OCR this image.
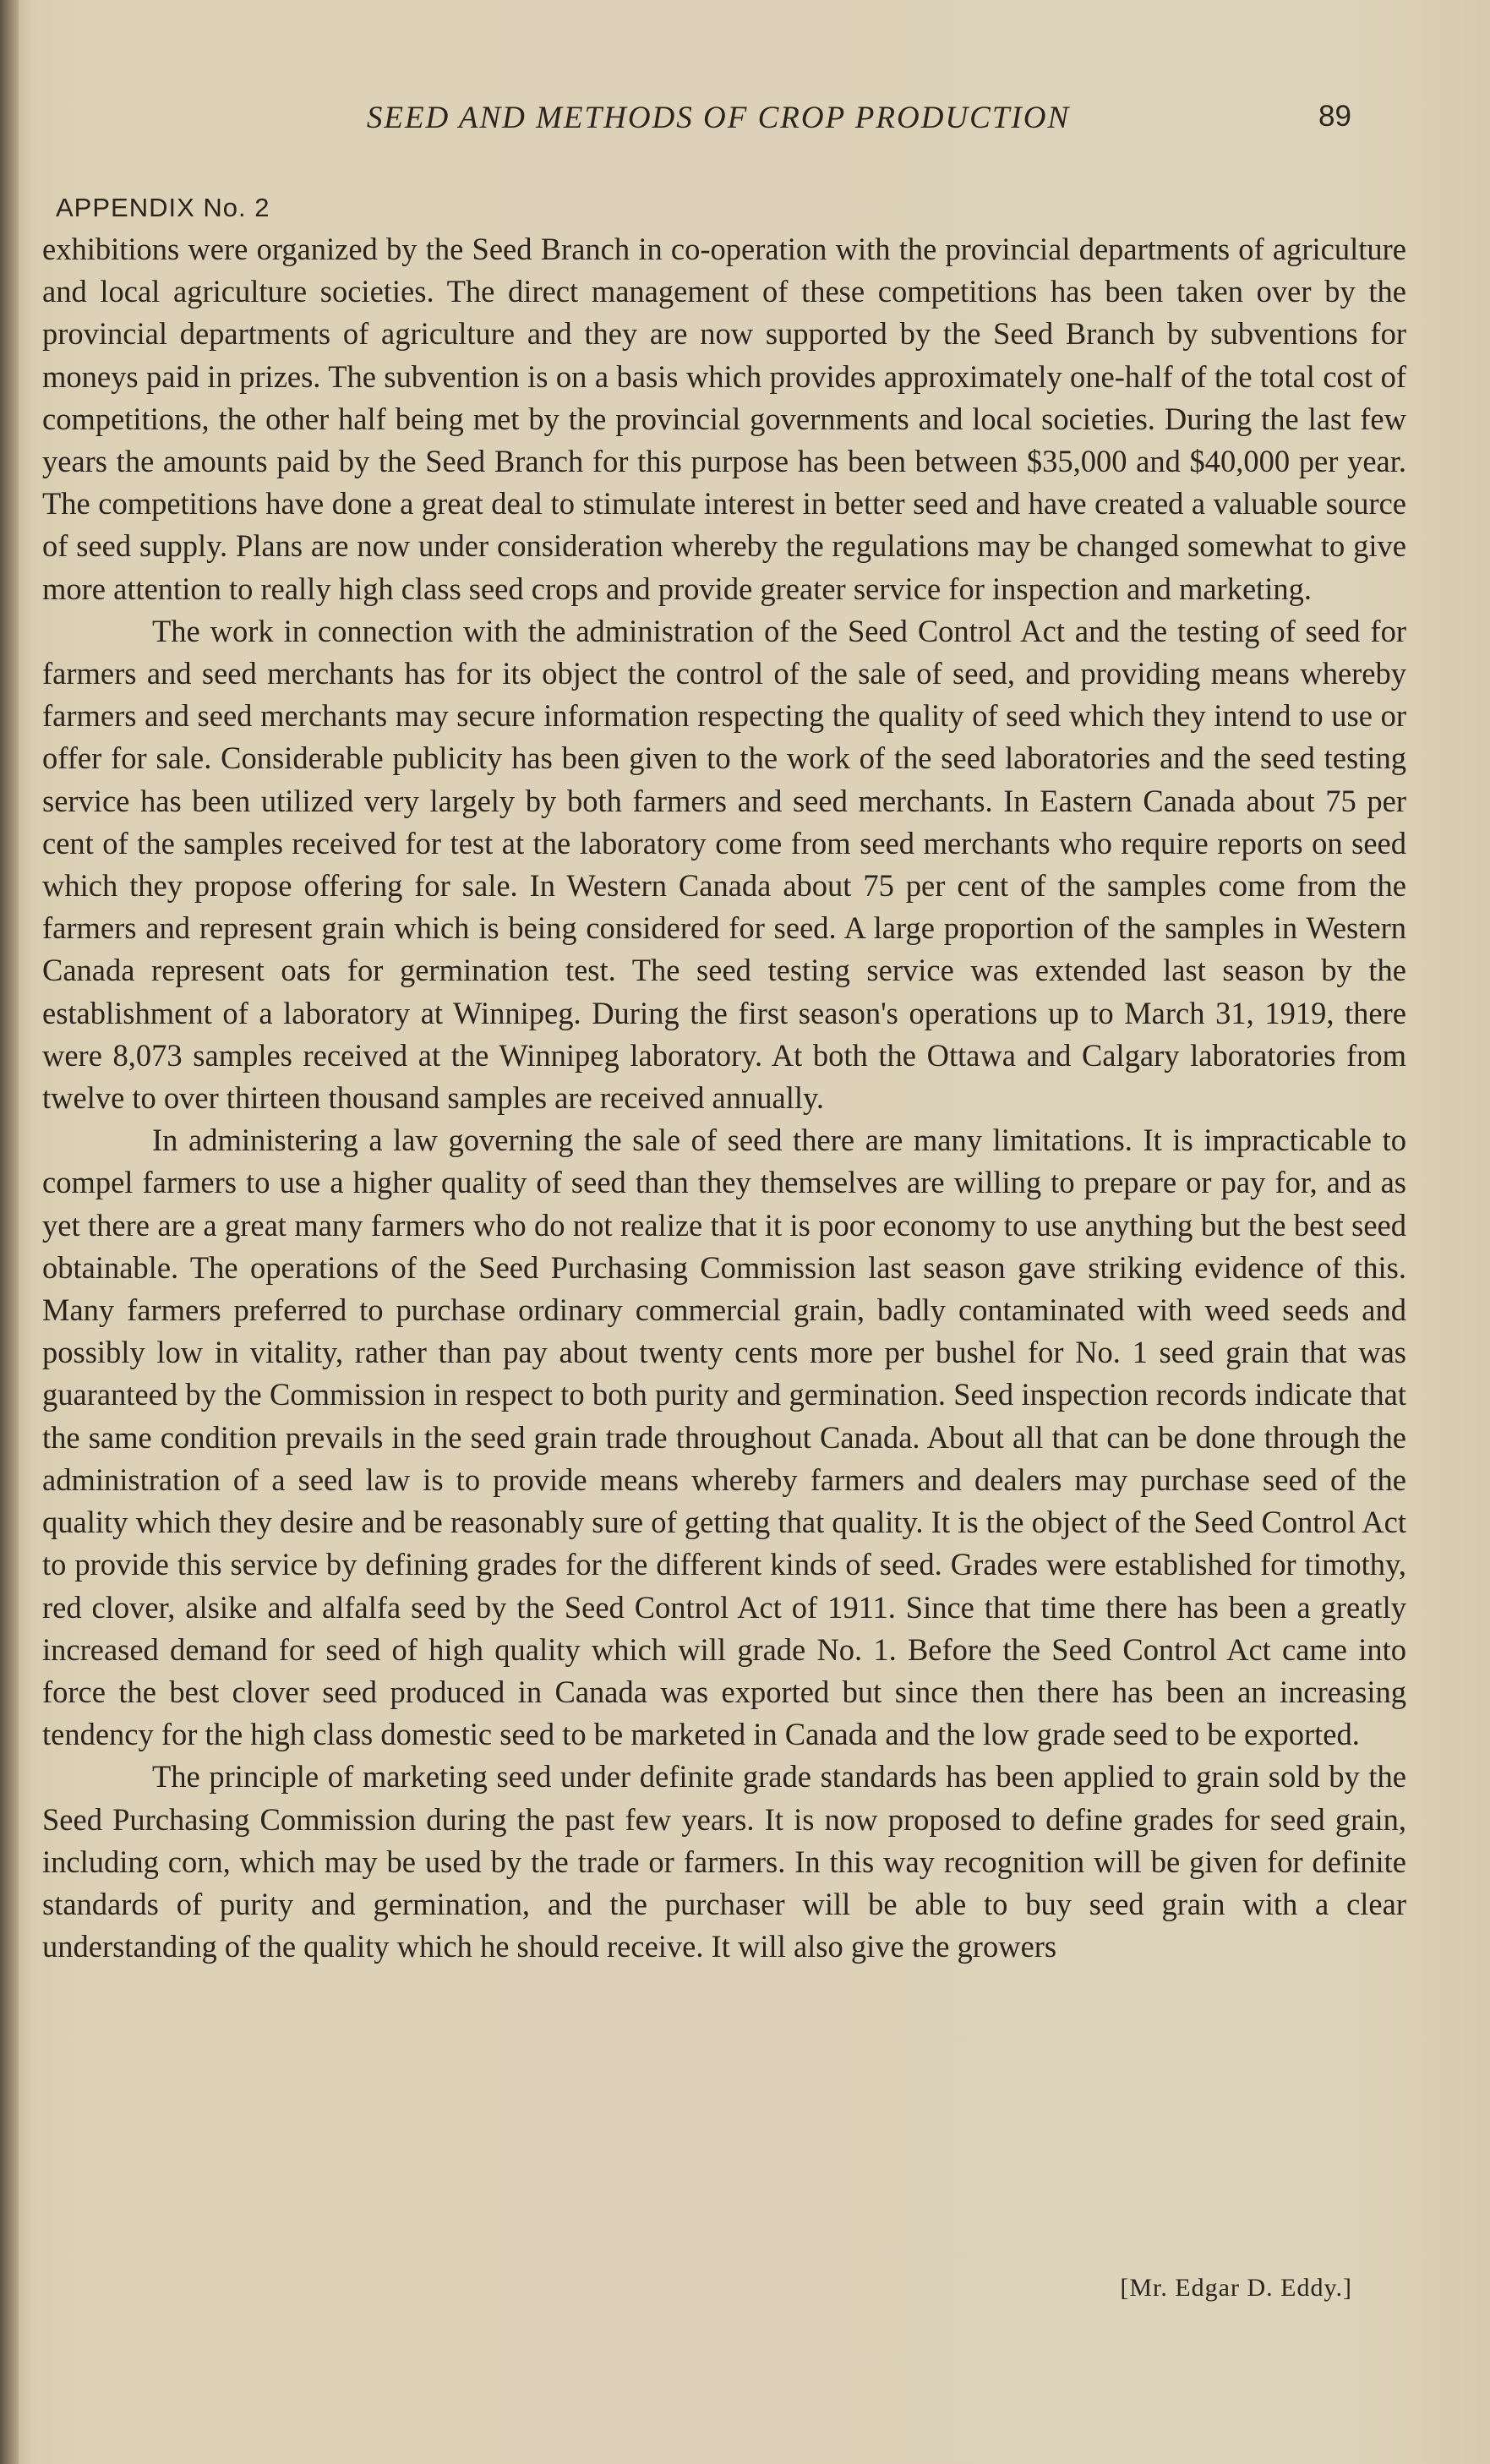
SEED AND METHODS OF CROP PRODUCTION	89
APPENDIX No. 2

exhibitions were organized by the Seed Branch in co-operation with the provincial departments of agriculture and local agriculture societies. The direct management of these competitions has been taken over by the provincial departments of agriculture and they are now supported by the Seed Branch by subventions for moneys paid in prizes. The subvention is on a basis which provides approximately one-half of the total cost of competitions, the other half being met by the provincial governments and local societies. During the last few years the amounts paid by the Seed Branch for this purpose has been between $35,000 and $40,000 per year. The competitions have done a great deal to stimulate interest in better seed and have created a valuable source of seed supply. Plans are now under consideration whereby the regulations may be changed somewhat to give more attention to really high class seed crops and provide greater service for inspection and marketing.

The work in connection with the administration of the Seed Control Act and the testing of seed for farmers and seed merchants has for its object the control of the sale of seed, and providing means whereby farmers and seed merchants may secure information respecting the quality of seed which they intend to use or offer for sale. Considerable publicity has been given to the work of the seed laboratories and the seed testing service has been utilized very largely by both farmers and seed merchants. In Eastern Canada about 75 per cent of the samples received for test at the laboratory come from seed merchants who require reports on seed which they propose offering for sale. In Western Canada about 75 per cent of the samples come from the farmers and represent grain which is being considered for seed. A large proportion of the samples in Western Canada represent oats for germination test. The seed testing service was extended last season by the establishment of a laboratory at Winnipeg. During the first season's operations up to March 31, 1919, there were 8,073 samples received at the Winnipeg laboratory. At both the Ottawa and Calgary laboratories from twelve to over thirteen thousand samples are received annually.

In administering a law governing the sale of seed there are many limitations. It is impracticable to compel farmers to use a higher quality of seed than they themselves are willing to prepare or pay for, and as yet there are a great many farmers who do not realize that it is poor economy to use anything but the best seed obtainable. The operations of the Seed Purchasing Commission last season gave striking evidence of this. Many farmers preferred to purchase ordinary commercial grain, badly contaminated with weed seeds and possibly low in vitality, rather than pay about twenty cents more per bushel for No. 1 seed grain that was guaranteed by the Commission in respect to both purity and germination. Seed inspection records indicate that the same condition prevails in the seed grain trade throughout Canada. About all that can be done through the administration of a seed law is to provide means whereby farmers and dealers may purchase seed of the quality which they desire and be reasonably sure of getting that quality. It is the object of the Seed Control Act to provide this service by defining grades for the different kinds of seed. Grades were established for timothy, red clover, alsike and alfalfa seed by the Seed Control Act of 1911. Since that time there has been a greatly increased demand for seed of high quality which will grade No. 1. Before the Seed Control Act came into force the best clover seed produced in Canada was exported but since then there has been an increasing tendency for the high class domestic seed to be marketed in Canada and the low grade seed to be exported.

The principle of marketing seed under definite grade standards has been applied to grain sold by the Seed Purchasing Commission during the past few years. It is now proposed to define grades for seed grain, including corn, which may be used by the trade or farmers. In this way recognition will be given for definite standards of purity and germination, and the purchaser will be able to buy seed grain with a clear understanding of the quality which he should receive. It will also give the growers

[Mr. Edgar D. Eddy.]
